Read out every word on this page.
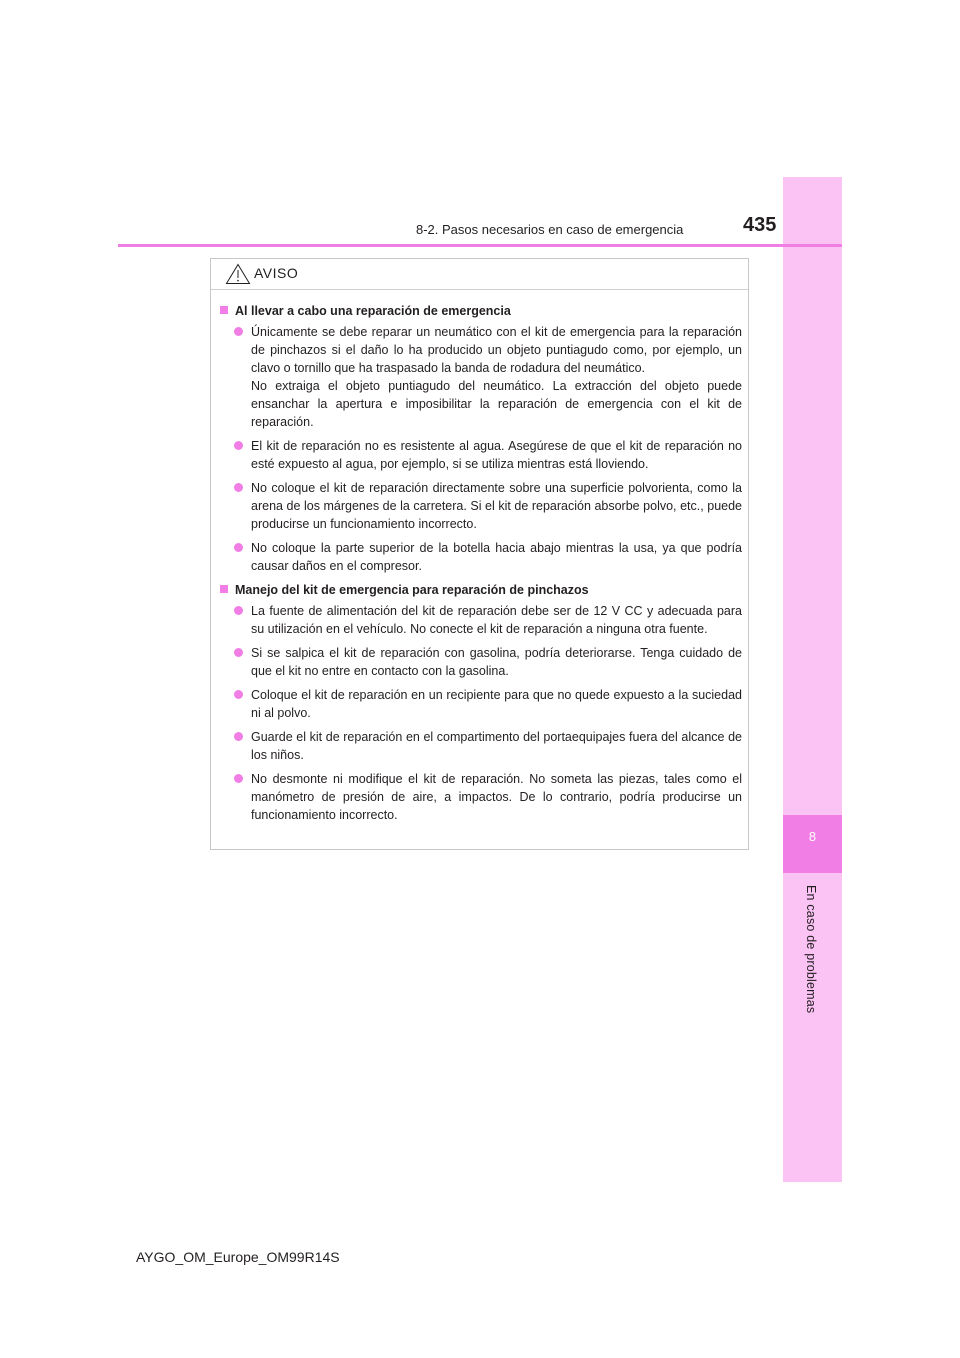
8
En caso de problemas
8-2. Pasos necesarios en caso de emergencia	435
AVISO
Al llevar a cabo una reparación de emergencia
Únicamente se debe reparar un neumático con el kit de emergencia para la reparación de pinchazos si el daño lo ha producido un objeto puntiagudo como, por ejemplo, un clavo o tornillo que ha traspasado la banda de rodadura del neumático.
No extraiga el objeto puntiagudo del neumático. La extracción del objeto puede ensanchar la apertura e imposibilitar la reparación de emergencia con el kit de reparación.
El kit de reparación no es resistente al agua. Asegúrese de que el kit de reparación no esté expuesto al agua, por ejemplo, si se utiliza mientras está lloviendo.
No coloque el kit de reparación directamente sobre una superficie polvorienta, como la arena de los márgenes de la carretera. Si el kit de reparación absorbe polvo, etc., puede producirse un funcionamiento incorrecto.
No coloque la parte superior de la botella hacia abajo mientras la usa, ya que podría causar daños en el compresor.
Manejo del kit de emergencia para reparación de pinchazos
La fuente de alimentación del kit de reparación debe ser de 12 V CC y adecuada para su utilización en el vehículo. No conecte el kit de reparación a ninguna otra fuente.
Si se salpica el kit de reparación con gasolina, podría deteriorarse. Tenga cuidado de que el kit no entre en contacto con la gasolina.
Coloque el kit de reparación en un recipiente para que no quede expuesto a la suciedad ni al polvo.
Guarde el kit de reparación en el compartimento del portaequipajes fuera del alcance de los niños.
No desmonte ni modifique el kit de reparación. No someta las piezas, tales como el manómetro de presión de aire, a impactos. De lo contrario, podría producirse un funcionamiento incorrecto.
AYGO_OM_Europe_OM99R14S
